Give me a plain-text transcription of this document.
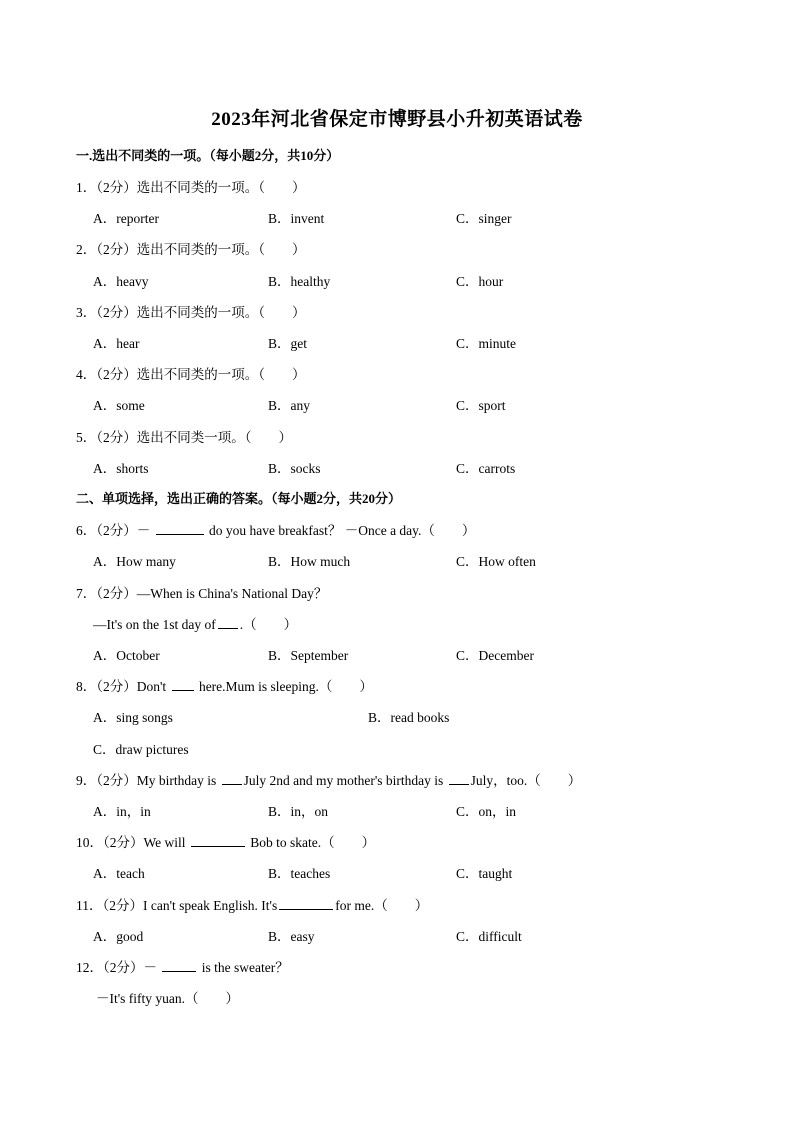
2023年河北省保定市博野县小升初英语试卷
一.选出不同类的一项。（每小题2分，共10分）
1．（2分）选出不同类的一项。（　　）
A．reporter	B．invent	C．singer
2．（2分）选出不同类的一项。（　　）
A．heavy	B．healthy	C．hour
3．（2分）选出不同类的一项。（　　）
A．hear	B．get	C．minute
4．（2分）选出不同类的一项。（　　）
A．some	B．any	C．sport
5．（2分）选出不同类一项。（　　）
A．shorts	B．socks	C．carrots
二、单项选择，选出正确的答案。（每小题2分，共20分）
6．（2分）－	do you have breakfast？ －Once a day.（　　）
A．How many	B．How much	C．How often
7．（2分）—When is China's National Day？
—It's on the 1st day of .（　　）
A．October	B．September	C．December
8．（2分）Don't here.Mum is sleeping.（　　）
A．sing songs	B．read books
C．draw pictures
9．（2分）My birthday is July 2nd and my mother's birthday is July，too.（　　）
A．in，in	B．in，on	C．on，in
10．（2分）We will	Bob to skate.（　　）
A．teach	B．teaches	C．taught
11．（2分）I can't speak English. It's	for me.（　　）
A．good	B．easy	C．difficult
12．（2分）－	is the sweater？
－It's fifty yuan.（　　）
